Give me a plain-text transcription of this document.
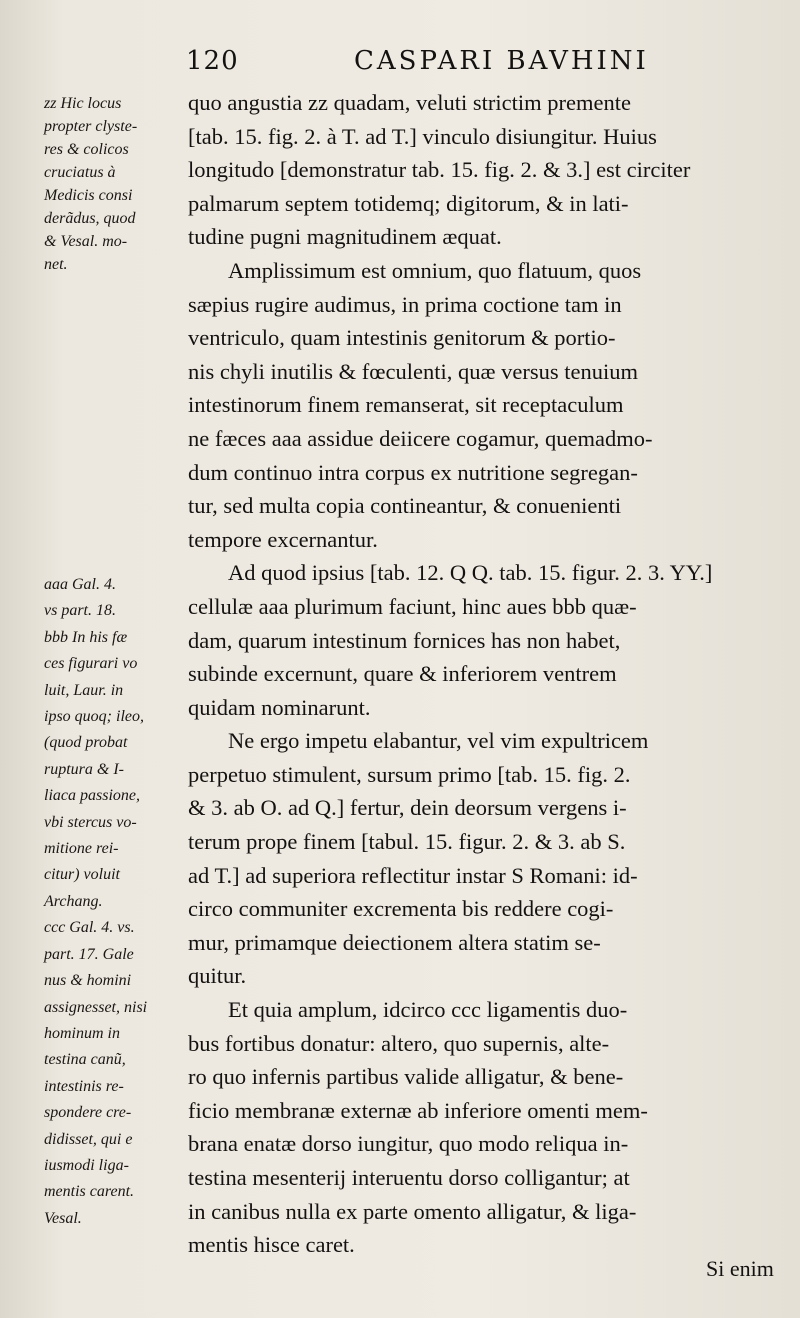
120	CASPARI BAVHINI
zz Hic locus
propter clyste-
res & colicos
cruciatus à
Medicis consi
derãdus, quod
& Vesal. mo-
net.
aaa Gal. 4.
vs part. 18.
bbb In his fæ
ces figurari vo
luit, Laur. in
ipso quoq; ileo,
(quod probat
ruptura & I-
liaca passione,
vbi stercus vo-
mitione rei-
citur) voluit
Archang.
ccc Gal. 4. vs.
part. 17. Gale
nus & homini
assignesset, nisi
hominum in
testina canũ,
intestinis re-
spondere cre-
didisset, qui e
iusmodi liga-
mentis carent.
Vesal.
quo angustia zz quadam, veluti strictim premente
[tab. 15. fig. 2. à T. ad T.] vinculo disiungitur. Huius
longitudo [demonstratur tab. 15. fig. 2. & 3.] est circiter
palmarum septem totidemq; digitorum, & in lati-
tudine pugni magnitudinem æquat.
Amplissimum est omnium, quo flatuum, quos
sæpius rugire audimus, in prima coctione tam in
ventriculo, quam intestinis genitorum & portio-
nis chyli inutilis & fœculenti, quæ versus tenuium
intestinorum finem remanserat, sit receptaculum
ne fæces aaa assidue deiicere cogamur, quemadmo-
dum continuo intra corpus ex nutritione segregan-
tur, sed multa copia contineantur, & conuenienti
tempore excernantur.
Ad quod ipsius [tab. 12. Q Q. tab. 15. figur. 2. 3. YY.]
cellulæ aaa plurimum faciunt, hinc aues bbb quæ-
dam, quarum intestinum fornices has non habet,
subinde excernunt, quare & inferiorem ventrem
quidam nominarunt.
Ne ergo impetu elabantur, vel vim expultricem
perpetuo stimulent, sursum primo [tab. 15. fig. 2.
& 3. ab O. ad Q.] fertur, dein deorsum vergens i-
terum prope finem [tabul. 15. figur. 2. & 3. ab S.
ad T.] ad superiora reflectitur instar S Romani: id-
circo communiter excrementa bis reddere cogi-
mur, primamque deiectionem altera statim se-
quitur.
Et quia amplum, idcirco ccc ligamentis duo-
bus fortibus donatur: altero, quo supernis, alte-
ro quo infernis partibus valide alligatur, & bene-
ficio membranæ externæ ab inferiore omenti mem-
brana enatæ dorso iungitur, quo modo reliqua in-
testina mesenterij interuentu dorso colligantur; at
in canibus nulla ex parte omento alligatur, & liga-
mentis hisce caret.
Si enim
